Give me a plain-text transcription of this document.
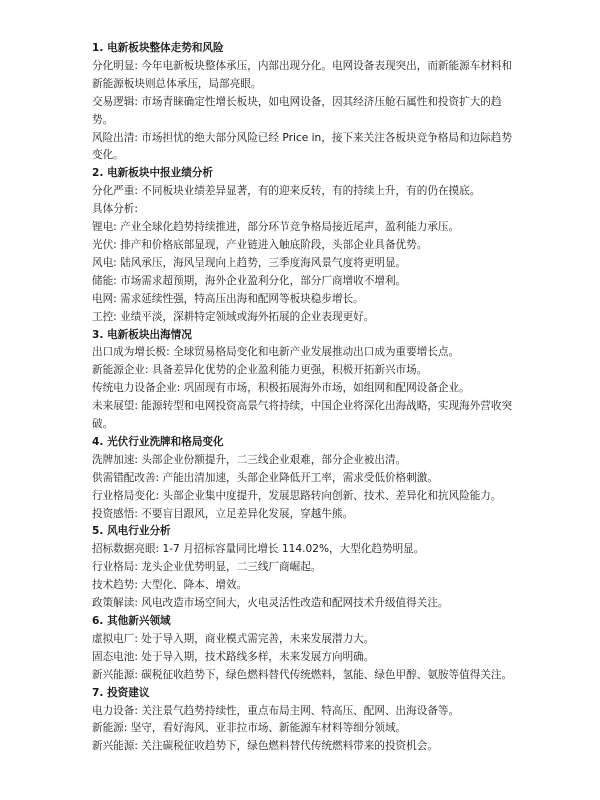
1. 电新板块整体走势和风险

分化明显: 今年电新板块整体承压，内部出现分化。电网设备表现突出，而新能源车材料和新能源板块则总体承压，局部亮眼。

交易逻辑: 市场青睐确定性增长板块，如电网设备，因其经济压舱石属性和投资扩大的趋势。

风险出清: 市场担忧的绝大部分风险已经 Price in，接下来关注各板块竞争格局和边际趋势变化。

2. 电新板块中报业绩分析

分化严重: 不同板块业绩差异显著，有的迎来反转，有的持续上升，有的仍在摸底。

具体分析:

锂电: 产业全球化趋势持续推进，部分环节竞争格局接近尾声，盈利能力承压。

光伏: 排产和价格底部显现，产业链进入触底阶段，头部企业具备优势。

风电: 陆风承压，海风呈现向上趋势，三季度海风景气度将更明显。

储能: 市场需求超预期，海外企业盈利分化，部分厂商增收不增利。

电网: 需求延续性强，特高压出海和配网等板块稳步增长。

工控: 业绩平淡，深耕特定领域或海外拓展的企业表现更好。

3. 电新板块出海情况

出口成为增长极: 全球贸易格局变化和电新产业发展推动出口成为重要增长点。

新能源企业: 具备差异化优势的企业盈利能力更强，积极开拓新兴市场。

传统电力设备企业: 巩固现有市场，积极拓展海外市场，如组网和配网设备企业。

未来展望: 能源转型和电网投资高景气将持续，中国企业将深化出海战略，实现海外营收突破。

4. 光伏行业洗牌和格局变化

洗牌加速: 头部企业份额提升，二三线企业艰难，部分企业被出清。

供需错配改善: 产能出清加速，头部企业降低开工率，需求受低价格刺激。

行业格局变化: 头部企业集中度提升，发展思路转向创新、技术、差异化和抗风险能力。

投资感悟: 不要盲目跟风，立足差异化发展，穿越牛熊。

5. 风电行业分析

招标数据亮眼: 1-7 月招标容量同比增长 114.02%，大型化趋势明显。

行业格局: 龙头企业优势明显，二三线厂商崛起。

技术趋势: 大型化、降本、增效。

政策解读: 风电改造市场空间大，火电灵活性改造和配网技术升级值得关注。

6. 其他新兴领域

虚拟电厂: 处于导入期，商业模式需完善，未来发展潜力大。

固态电池: 处于导入期，技术路线多样，未来发展方向明确。

新兴能源: 碳税征收趋势下，绿色燃料替代传统燃料，氢能、绿色甲醇、氨胺等值得关注。

7. 投资建议

电力设备: 关注景气趋势持续性，重点布局主网、特高压、配网、出海设备等。

新能源: 坚守，看好海风、亚非拉市场、新能源车材料等细分领域。

新兴能源: 关注碳税征收趋势下，绿色燃料替代传统燃料带来的投资机会。
